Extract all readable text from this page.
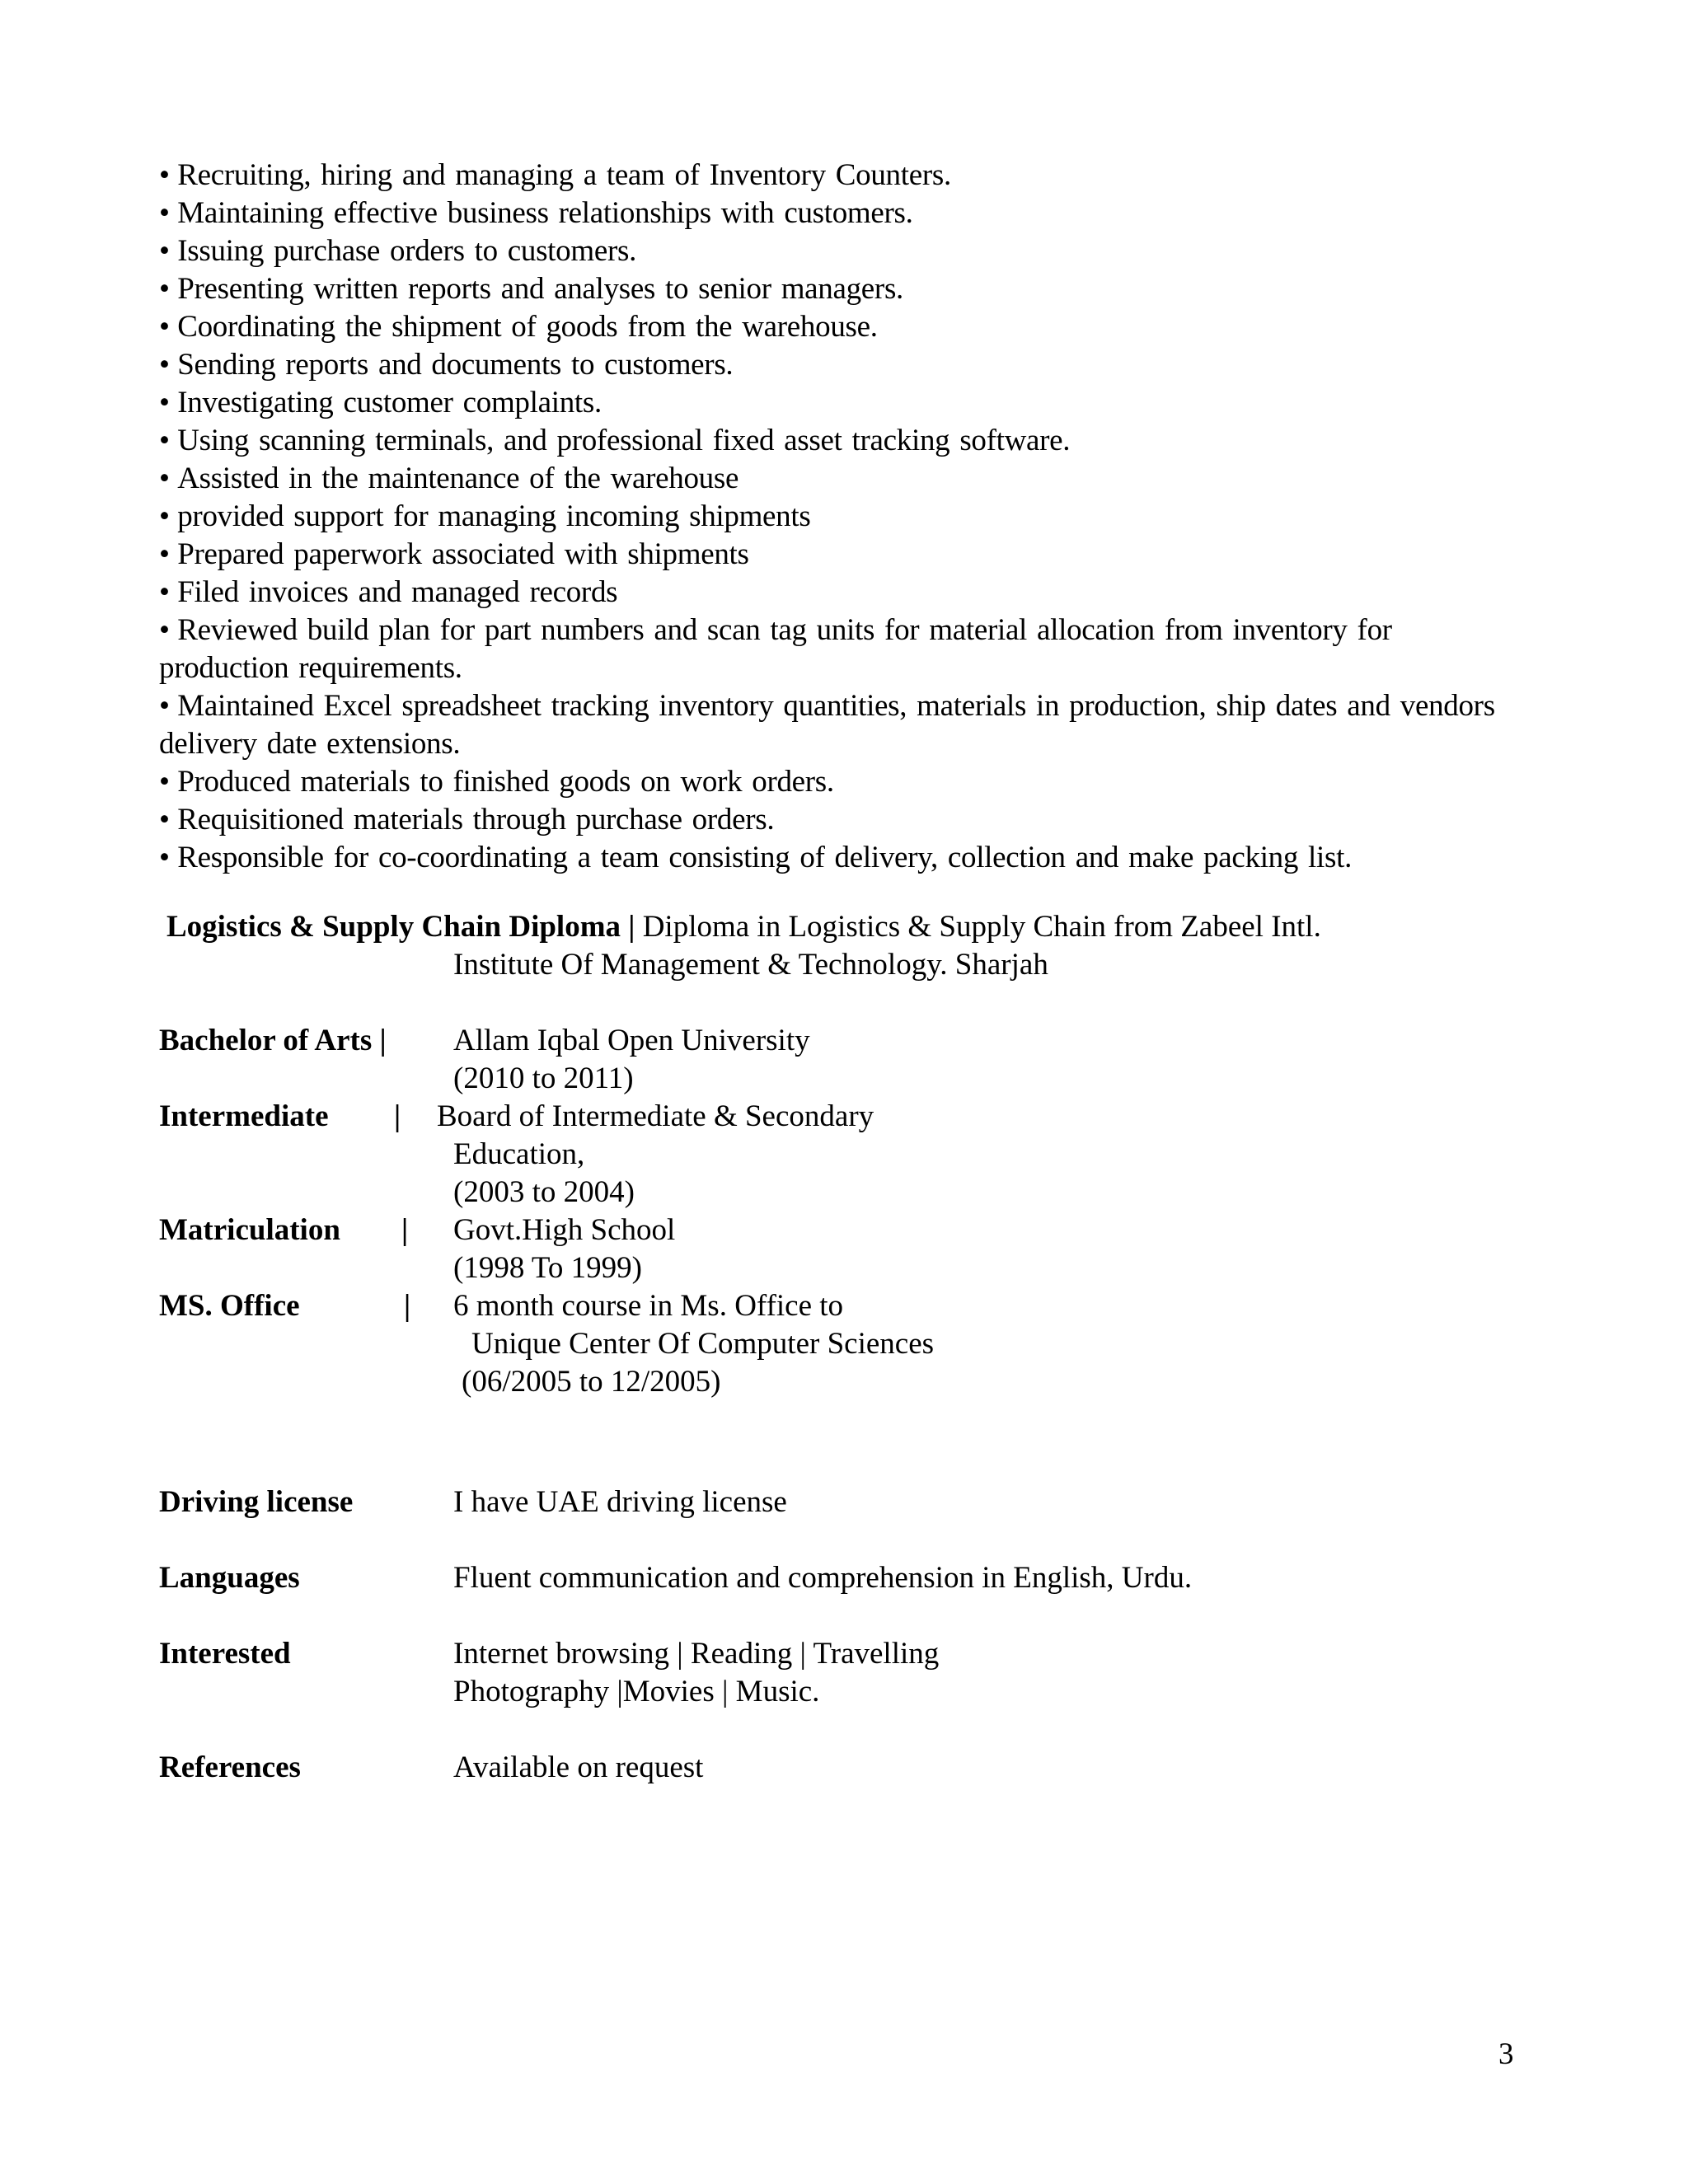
• Recruiting, hiring and managing a team of Inventory Counters.
• Maintaining effective business relationships with customers.
• Issuing purchase orders to customers.
• Presenting written reports and analyses to senior managers.
• Coordinating the shipment of goods from the warehouse.
• Sending reports and documents to customers.
• Investigating customer complaints.
• Using scanning terminals, and professional fixed asset tracking software.
• Assisted in the maintenance of the warehouse
• provided support for managing incoming shipments
• Prepared paperwork associated with shipments
• Filed invoices and managed records
• Reviewed build plan for part numbers and scan tag units for material allocation from inventory for production requirements.
• Maintained Excel spreadsheet tracking inventory quantities, materials in production, ship dates and vendors delivery date extensions.
• Produced materials to finished goods on work orders.
• Requisitioned materials through purchase orders.
• Responsible for co-coordinating a team consisting of delivery, collection and make packing list.
Logistics & Supply Chain Diploma | Diploma in Logistics & Supply Chain from Zabeel Intl.
Institute Of Management & Technology. Sharjah
Bachelor of Arts | Allam Iqbal Open University
(2010 to 2011)
Intermediate | Board of Intermediate & Secondary
Education,
(2003 to 2004)
Matriculation | Govt.High School
(1998 To 1999)
MS. Office	| 6 month course in Ms. Office to
Unique Center Of Computer Sciences
(06/2005 to 12/2005)
Driving license	I have UAE driving license
Languages	Fluent communication and comprehension in English, Urdu.
Interested	Internet browsing | Reading | Travelling
Photography |Movies | Music.
References	Available on request
3
